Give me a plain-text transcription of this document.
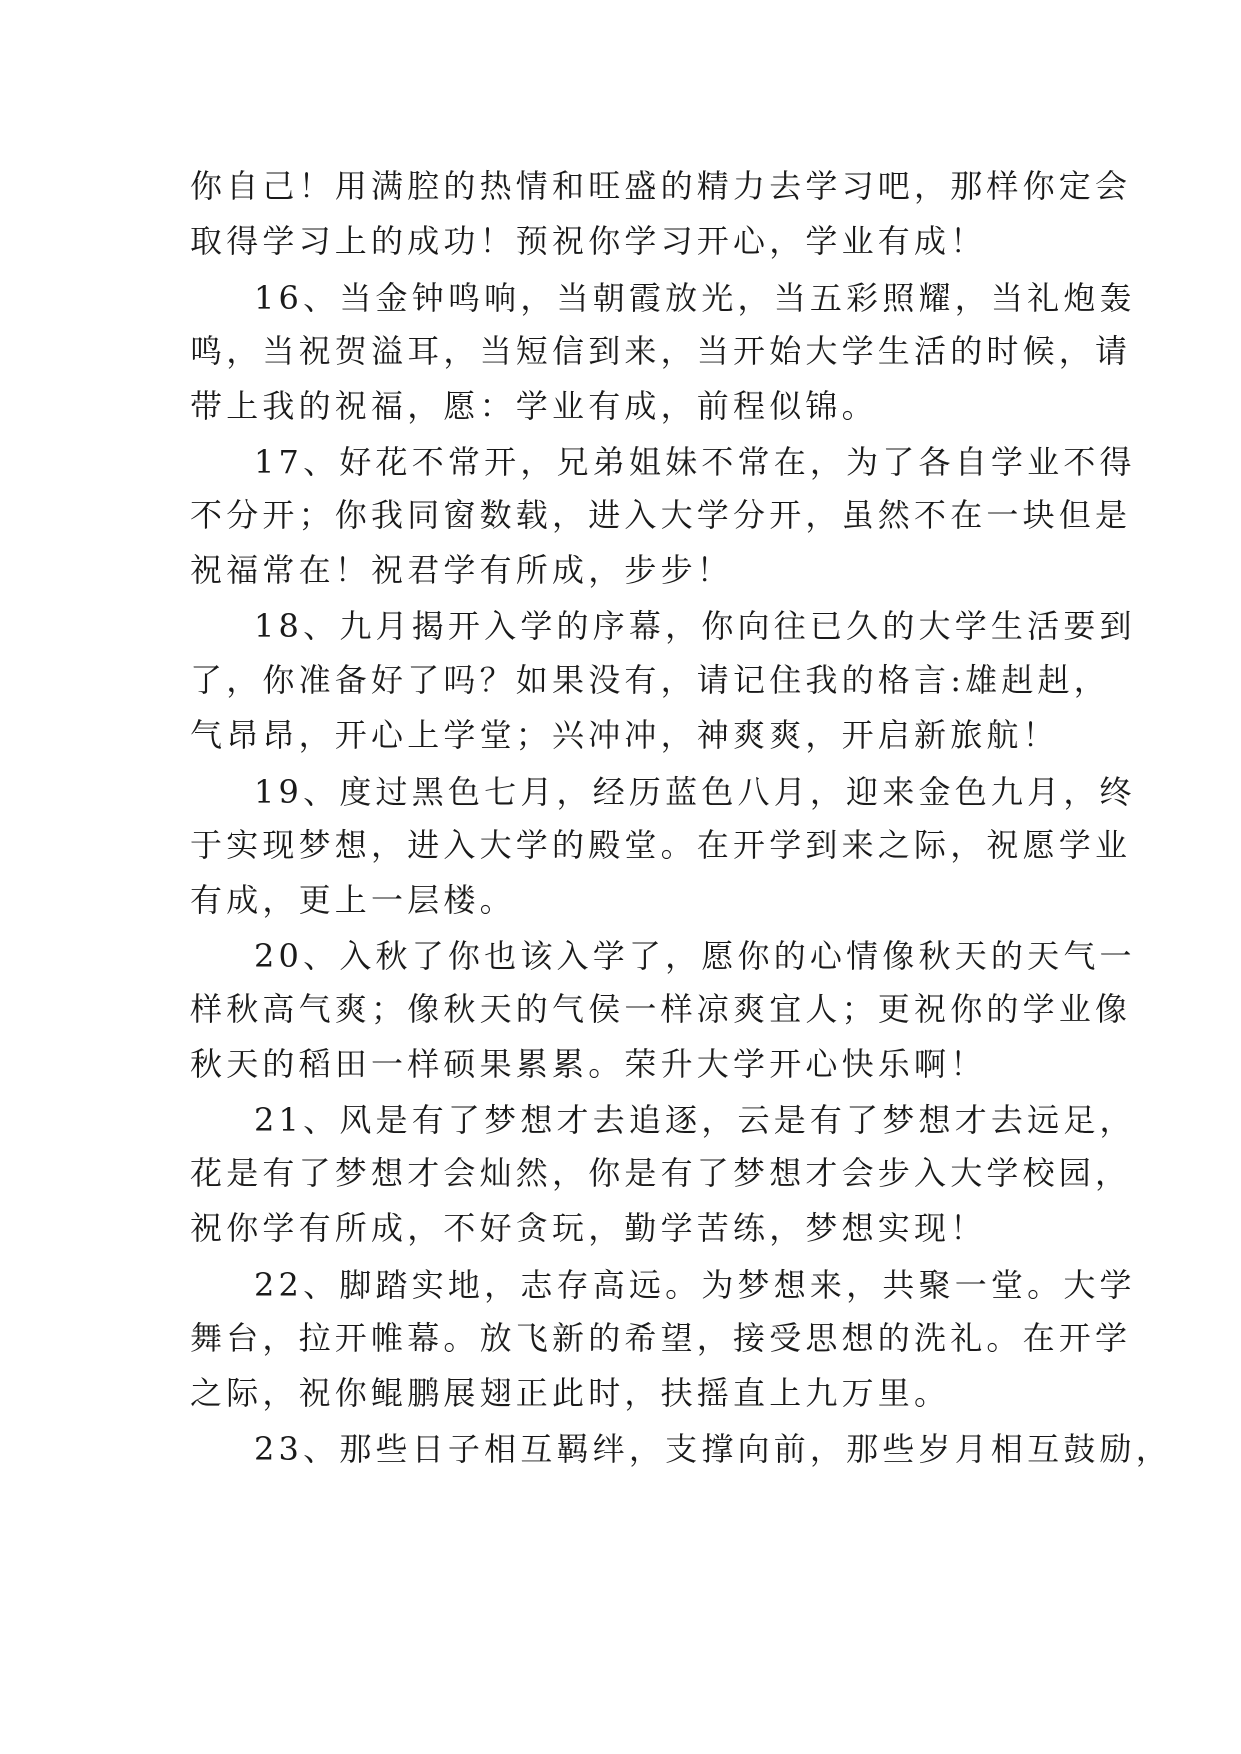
你自己！用满腔的热情和旺盛的精力去学习吧，那样你定会
取得学习上的成功！预祝你学习开心，学业有成！
16、当金钟鸣响，当朝霞放光，当五彩照耀，当礼炮轰
鸣，当祝贺溢耳，当短信到来，当开始大学生活的时候，请
带上我的祝福，愿：学业有成，前程似锦。
17、好花不常开，兄弟姐妹不常在，为了各自学业不得
不分开；你我同窗数载，进入大学分开，虽然不在一块但是
祝福常在！祝君学有所成，步步！
18、九月揭开入学的序幕，你向往已久的大学生活要到
了，你准备好了吗？如果没有，请记住我的格言:雄赳赳，
气昂昂，开心上学堂；兴冲冲，神爽爽，开启新旅航！
19、度过黑色七月，经历蓝色八月，迎来金色九月，终
于实现梦想，进入大学的殿堂。在开学到来之际，祝愿学业
有成，更上一层楼。
20、入秋了你也该入学了，愿你的心情像秋天的天气一
样秋高气爽；像秋天的气侯一样凉爽宜人；更祝你的学业像
秋天的稻田一样硕果累累。荣升大学开心快乐啊！
21、风是有了梦想才去追逐，云是有了梦想才去远足，
花是有了梦想才会灿然，你是有了梦想才会步入大学校园，
祝你学有所成，不好贪玩，勤学苦练，梦想实现！
22、脚踏实地，志存高远。为梦想来，共聚一堂。大学
舞台，拉开帷幕。放飞新的希望，接受思想的洗礼。在开学
之际，祝你鲲鹏展翅正此时，扶摇直上九万里。
23、那些日子相互羁绊，支撑向前，那些岁月相互鼓励，
